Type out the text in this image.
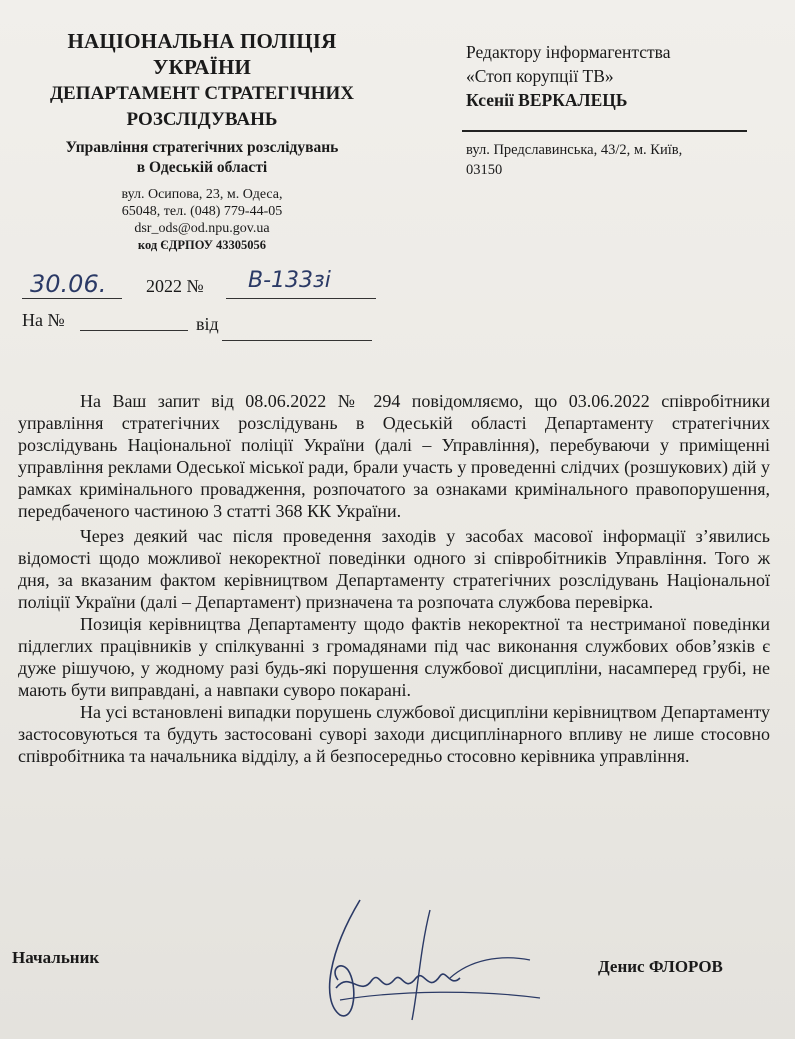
НАЦІОНАЛЬНА ПОЛІЦІЯ
УКРАЇНИ
ДЕПАРТАМЕНТ СТРАТЕГІЧНИХ
РОЗСЛІДУВАНЬ
Управління стратегічних розслідувань
в Одеській області
вул. Осипова, 23, м. Одеса,
65048, тел. (048) 779-44-05
dsr_ods@od.npu.gov.ua
код ЄДРПОУ 43305056
30.06. 2022 № В-133зі
На №	від
Редактору інформагентства
«Стоп корупції ТВ»
Ксенії ВЕРКАЛЕЦЬ
вул. Предславинська, 43/2, м. Київ,
03150

На Ваш запит від 08.06.2022 № 294 повідомляємо, що 03.06.2022 співробітники управління стратегічних розслідувань в Одеській області Департаменту стратегічних розслідувань Національної поліції України (далі – Управління), перебуваючи у приміщенні управління реклами Одеської міської ради, брали участь у проведенні слідчих (розшукових) дій у рамках кримінального провадження, розпочатого за ознаками кримінального правопорушення, передбаченого частиною 3 статті 368 КК України.

Через деякий час після проведення заходів у засобах масової інформації з’явились відомості щодо можливої некоректної поведінки одного зі співробітників Управління. Того ж дня, за вказаним фактом керівництвом Департаменту стратегічних розслідувань Національної поліції України (далі – Департамент) призначена та розпочата службова перевірка.

Позиція керівництва Департаменту щодо фактів некоректної та нестриманої поведінки підлеглих працівників у спілкуванні з громадянами під час виконання службових обов’язків є дуже рішучою, у жодному разі будь-які порушення службової дисципліни, насамперед грубі, не мають бути виправдані, а навпаки суворо покарані.

На усі встановлені випадки порушень службової дисципліни керівництвом Департаменту застосовуються та будуть застосовані суворі заходи дисциплінарного впливу не лише стосовно співробітника та начальника відділу, а й безпосередньо стосовно керівника управління.

Начальник	Денис ФЛОРОВ
